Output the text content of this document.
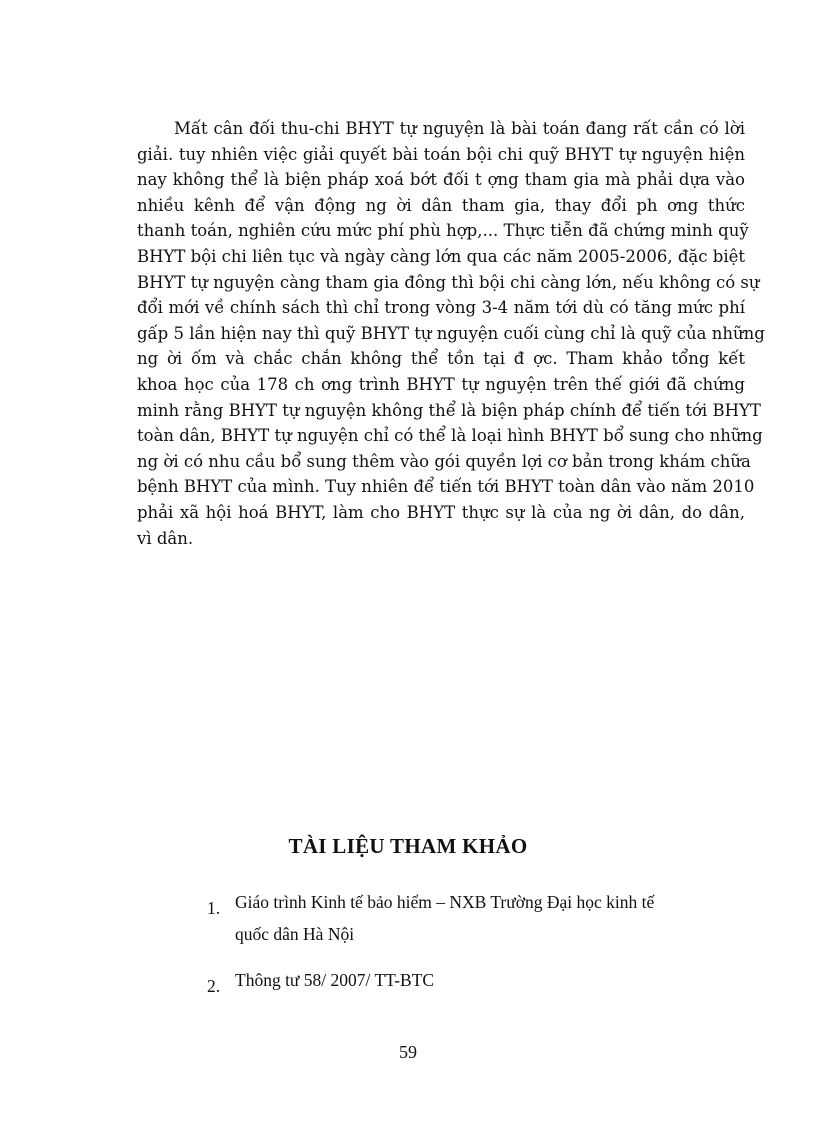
Mất cân đối thu-chi BHYT tự nguyện là bài toán đang rất cần có lời
giải. tuy nhiên việc giải quyết bài toán bội chi quỹ BHYT tự nguyện hiện
nay không thể là biện pháp xoá bớt đối t ợng tham gia mà phải dựa vào
nhiều kênh để vận động ng ời dân tham gia, thay đổi ph ơng thức
thanh toán, nghiên cứu mức phí phù hợp,... Thực tiễn đã chứng minh quỹ
BHYT bội chi liên tục và ngày càng lớn qua các năm 2005-2006, đặc biệt
BHYT tự nguyện càng tham gia đông thì bội chi càng lớn, nếu không có sự
đổi mới về chính sách thì chỉ trong vòng 3-4 năm tới dù có tăng mức phí
gấp 5 lần hiện nay thì quỹ BHYT tự nguyện cuối cùng chỉ là quỹ của những
ng ời ốm và chắc chắn không thể tồn tại đ ợc. Tham khảo tổng kết
khoa học của 178 ch ơng trình BHYT tự nguyện trên thế giới đã chứng
minh rằng BHYT tự nguyện không thể là biện pháp chính để tiến tới BHYT
toàn dân, BHYT tự nguyện chỉ có thể là loại hình BHYT bổ sung cho những
ng ời có nhu cầu bổ sung thêm vào gói quyền lợi cơ bản trong khám chữa
bệnh BHYT của mình. Tuy nhiên để tiến tới BHYT toàn dân vào năm 2010
phải xã hội hoá BHYT, làm cho BHYT thực sự là của ng ời dân, do dân,
vì dân.
TÀI LIỆU THAM KHẢO
1. Giáo trình Kinh tế bảo hiểm – NXB Trường Đại học kinh tế
quốc dân Hà Nội
2. Thông tư 58/ 2007/ TT-BTC
59
